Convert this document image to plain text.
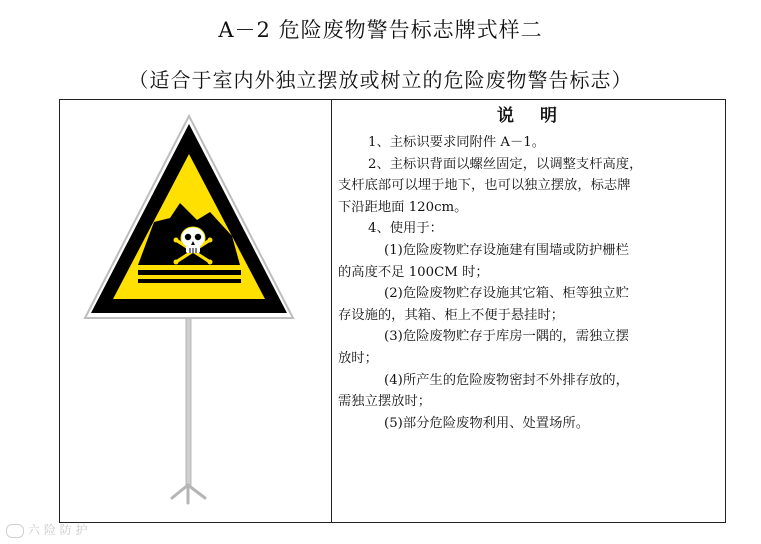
A－2 危险废物警告标志牌式样二
（适合于室内外独立摆放或树立的危险废物警告标志）
说明
1、主标识要求同附件 A－1。
2、主标识背面以螺丝固定，以调整支杆高度，
支杆底部可以埋于地下，也可以独立摆放，标志牌
下沿距地面 120cm。
4、使用于：
(1)危险废物贮存设施建有围墙或防护栅栏
的高度不足 100CM 时；
(2)危险废物贮存设施其它箱、柜等独立贮
存设施的，其箱、柜上不便于悬挂时；
(3)危险废物贮存于库房一隅的，需独立摆
放时；
(4)所产生的危险废物密封不外排存放的，
需独立摆放时；
(5)部分危险废物利用、处置场所。
六 险 防 护
